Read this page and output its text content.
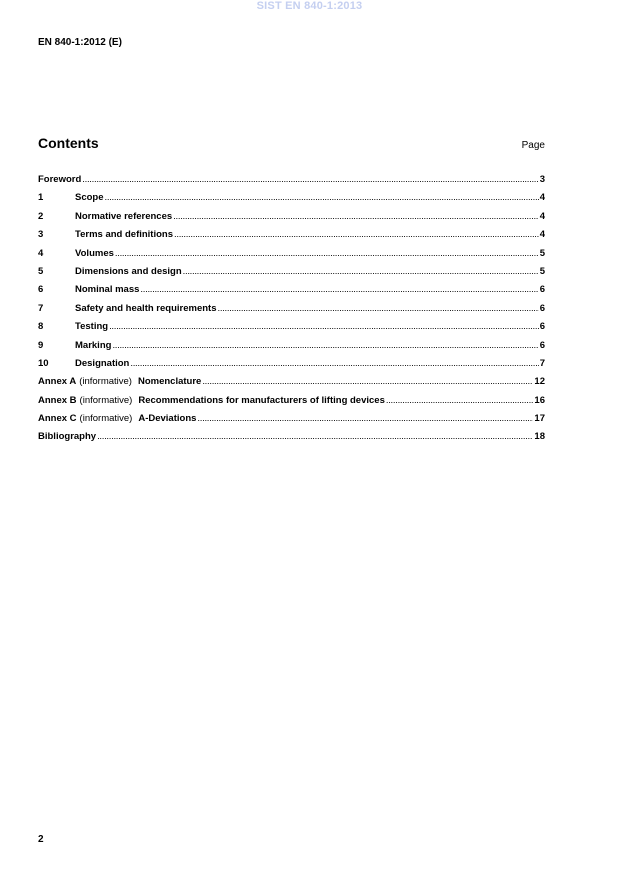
SIST EN 840-1:2013
EN 840-1:2012 (E)
Contents	Page
Foreword .....	3
1	Scope .....	4
2	Normative references .....	4
3	Terms and definitions .....	4
4	Volumes .....	5
5	Dimensions and design .....	5
6	Nominal mass .....	6
7	Safety and health requirements .....	6
8	Testing .....	6
9	Marking .....	6
10	Designation .....	7
Annex A (informative) Nomenclature .....	12
Annex B (informative) Recommendations for manufacturers of lifting devices .....	16
Annex C (informative) A-Deviations .....	17
Bibliography .....	18
2
